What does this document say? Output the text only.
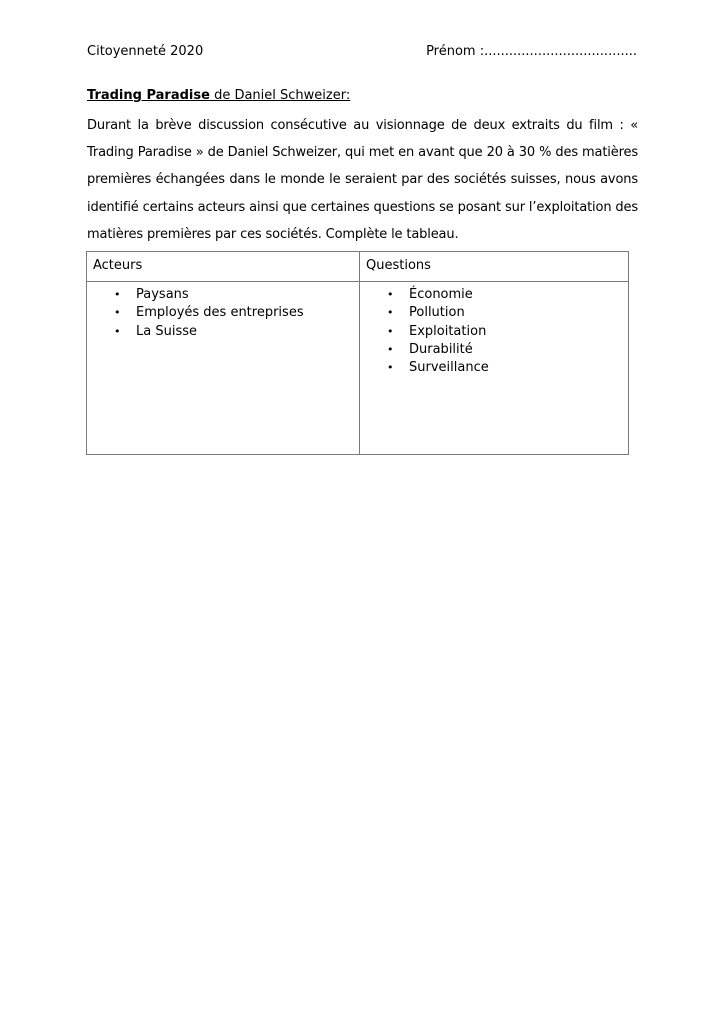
Citoyenneté 2020	Prénom :.....................................
Trading Paradise de Daniel Schweizer:
Durant la brève discussion consécutive au visionnage de deux extraits du film : « Trading Paradise » de Daniel Schweizer, qui met en avant que 20 à 30 % des matières premières échangées dans le monde le seraient par des sociétés suisses, nous avons identifié certains acteurs ainsi que certaines questions se posant sur l’exploitation des matières premières par ces sociétés. Complète le tableau.
Acteurs	Questions
• Paysans
• Employés des entreprises
• La Suisse
• Économie
• Pollution
• Exploitation
• Durabilité
• Surveillance
